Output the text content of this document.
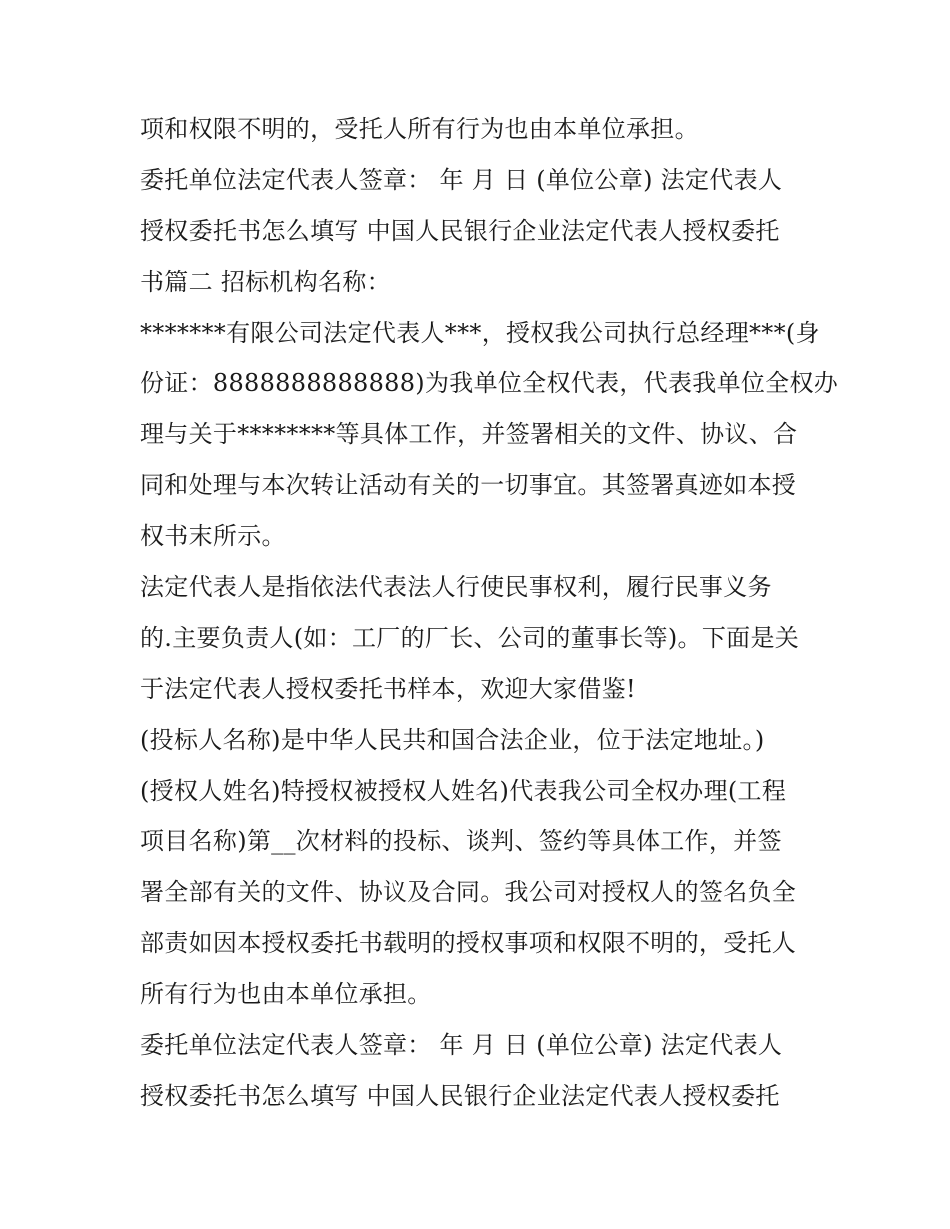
项和权限不明的，受托人所有行为也由本单位承担。
委托单位法定代表人签章： 年 月 日 (单位公章) 法定代表人
授权委托书怎么填写 中国人民银行企业法定代表人授权委托
书篇二 招标机构名称：
*******有限公司法定代表人***，授权我公司执行总经理***(身
份证：8888888888888)为我单位全权代表，代表我单位全权办
理与关于********等具体工作，并签署相关的文件、协议、合
同和处理与本次转让活动有关的一切事宜。其签署真迹如本授
权书末所示。
法定代表人是指依法代表法人行使民事权利，履行民事义务
的.主要负责人(如：工厂的厂长、公司的董事长等)。下面是关
于法定代表人授权委托书样本，欢迎大家借鉴!
(投标人名称)是中华人民共和国合法企业，位于法定地址。)
(授权人姓名)特授权被授权人姓名)代表我公司全权办理(工程
项目名称)第__次材料的投标、谈判、签约等具体工作，并签
署全部有关的文件、协议及合同。我公司对授权人的签名负全
部责如因本授权委托书载明的授权事项和权限不明的，受托人
所有行为也由本单位承担。
委托单位法定代表人签章： 年 月 日 (单位公章) 法定代表人
授权委托书怎么填写 中国人民银行企业法定代表人授权委托
